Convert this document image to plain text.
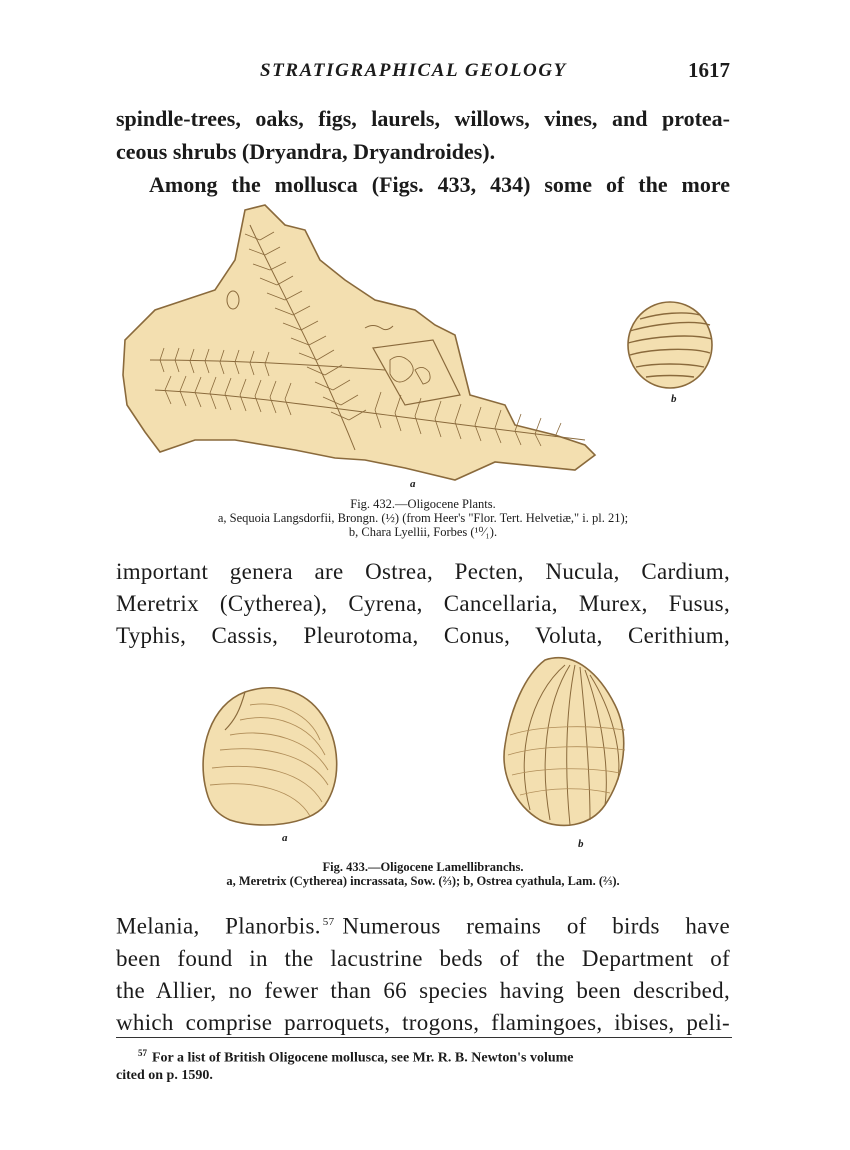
STRATIGRAPHICAL GEOLOGY	1617
spindle-trees, oaks, figs, laurels, willows, vines, and protea-
ceous shrubs (Dryandra, Dryandroides).
Among the mollusca (Figs. 433, 434) some of the more
a
b
Fig. 432.—Oligocene Plants.
a, Sequoia Langsdorfii, Brongn. (½) (from Heer's "Flor. Tert. Helvetiæ," i. pl. 21);
b, Chara Lyellii, Forbes (¹⁰⁄₁).
important genera are Ostrea, Pecten, Nucula, Cardium,
Meretrix (Cytherea), Cyrena, Cancellaria, Murex, Fusus,
Typhis, Cassis, Pleurotoma, Conus, Voluta, Cerithium,
a	b
Fig. 433.—Oligocene Lamellibranchs.
a, Meretrix (Cytherea) incrassata, Sow. (⅔); b, Ostrea cyathula, Lam. (⅔).
Melania, Planorbis. $^{57}$ Numerous remains of birds have
been found in the lacustrine beds of the Department of
the Allier, no fewer than 66 species having been described,
which comprise parroquets, trogons, flamingoes, ibises, peli-
$^{57}$ For a list of British Oligocene mollusca, see Mr. R. B. Newton's volume
cited on p. 1590.
